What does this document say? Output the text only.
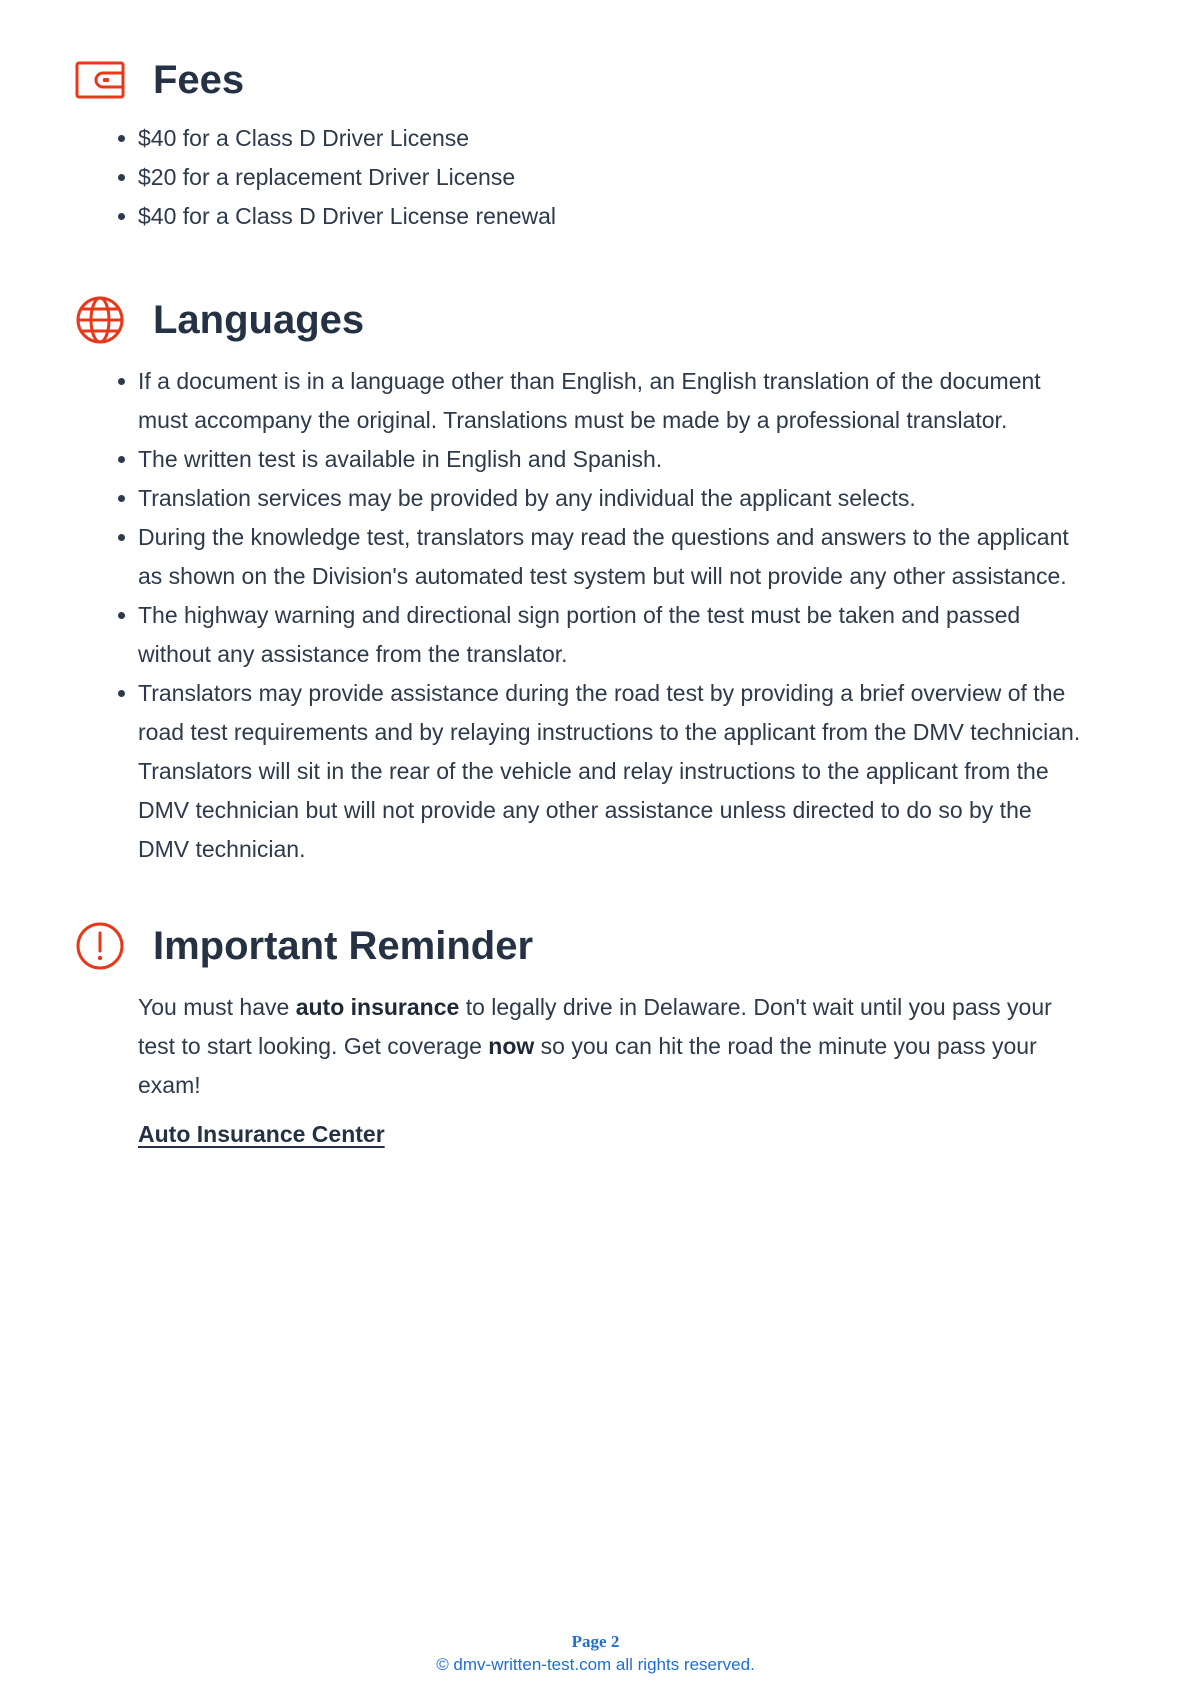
Fees
$40 for a Class D Driver License
$20 for a replacement Driver License
$40 for a Class D Driver License renewal
Languages
If a document is in a language other than English, an English translation of the document
must accompany the original. Translations must be made by a professional translator.
The written test is available in English and Spanish.
Translation services may be provided by any individual the applicant selects.
During the knowledge test, translators may read the questions and answers to the applicant
as shown on the Division's automated test system but will not provide any other assistance.
The highway warning and directional sign portion of the test must be taken and passed
without any assistance from the translator.
Translators may provide assistance during the road test by providing a brief overview of the
road test requirements and by relaying instructions to the applicant from the DMV technician.
Translators will sit in the rear of the vehicle and relay instructions to the applicant from the
DMV technician but will not provide any other assistance unless directed to do so by the
DMV technician.
Important Reminder

You must have auto insurance to legally drive in Delaware. Don't wait until you pass your
test to start looking. Get coverage now so you can hit the road the minute you pass your
exam!

Auto Insurance Center
Page 2
© dmv-written-test.com all rights reserved.
